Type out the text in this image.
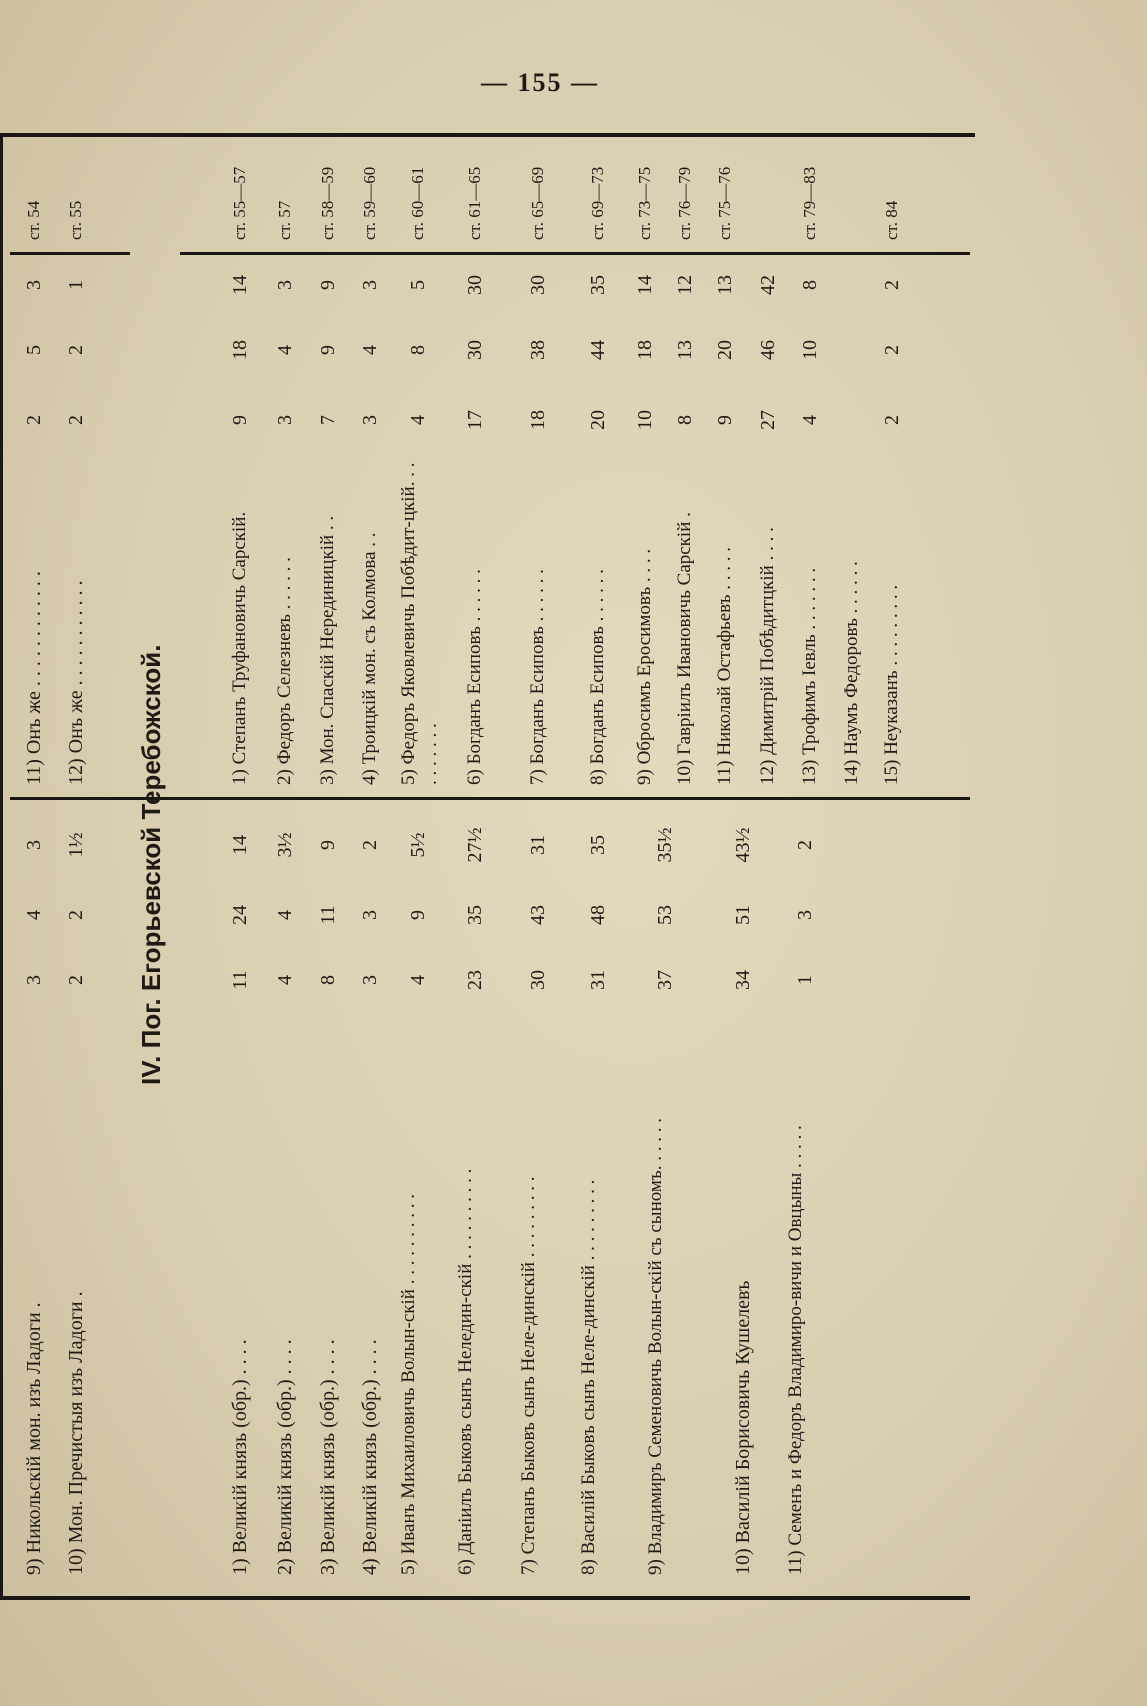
— 155 —
9) Никольскій мон. изъ Ладоги .
3
4
3
11) Онъ же . . . . . . . . . . . .
2
5
3
ст. 54
10) Мон. Пречистыя изъ Ладоги .
2
2
1½
12) Онъ же . . . . . . . . . . .
2
2
1
ст. 55
IV. Пог. Егорьевской Теребожской.
1) Великій князь (обр.) . . . .
11
24
14
2) Великій князь (обр.) . . . .
4
4
3½
3) Великій князь (обр.) . . . .
8
11
9
4) Великій князь (обр.) . . . .
3
3
2
5) Иванъ Михаиловичь Волын-скій . . . . . . . . . .
4
9
5½
6) Даніилъ Быковъ сынъ Нeледин-скій . . . . . . . . . .
23
35
27½
7) Степанъ Быковъ сынъ Неле-динскій . . . . . . . . .
30
43
31
8) Василій Быковъ сынъ Неле-динскій . . . . . . . . .
31
48
35
9) Владимиръ Семеновичь Волын-скій съ сыномъ. . . . . .
37
53
35½
10) Василій Борисовичь Кушелевъ
34
51
43½
11) Семенъ и Федоръ Владимиро-вичи и Овцыны . . . . .
1
3
2
1) Степанъ Труфановичь Сарскій.
9
18
14
ст. 55—57
2) Федоръ Селезневъ . . . . . .
3
4
3
ст. 57
3) Мон. Спаскій Нерединицкій . .
7
9
9
ст. 58—59
4) Троицкій мон. съ Колмова . .
3
4
3
ст. 59—60
5) Федоръ Яковлевичь Побѣдит-цкій. . . . . . . . . .
4
8
5
ст. 60—61
6) Богданъ Есиповъ . . . . . .
17
30
30
ст. 61—65
7) Богданъ Есиповъ . . . . . .
18
38
30
ст. 65—69
8) Богданъ Есиповъ . . . . . .
20
44
35
ст. 69—73
9) Обросимъ Еросимовъ . . . .
10
18
14
ст. 73—75
10) Гавріилъ Ивановичь Сарскій .
8
13
12
ст. 76—79
11) Николай Остафьевъ . . . . .
9
20
13
ст. 75—76
12) Димитрій Побѣдитцкій . . . .
27
46
42
13) Трофимъ Iевль . . . . . . .
4
10
8
ст. 79—83
14) Наумъ Федоровъ . . . . . .	15) Неуказанъ . . . . . . . . .
2
2
2
ст. 84
